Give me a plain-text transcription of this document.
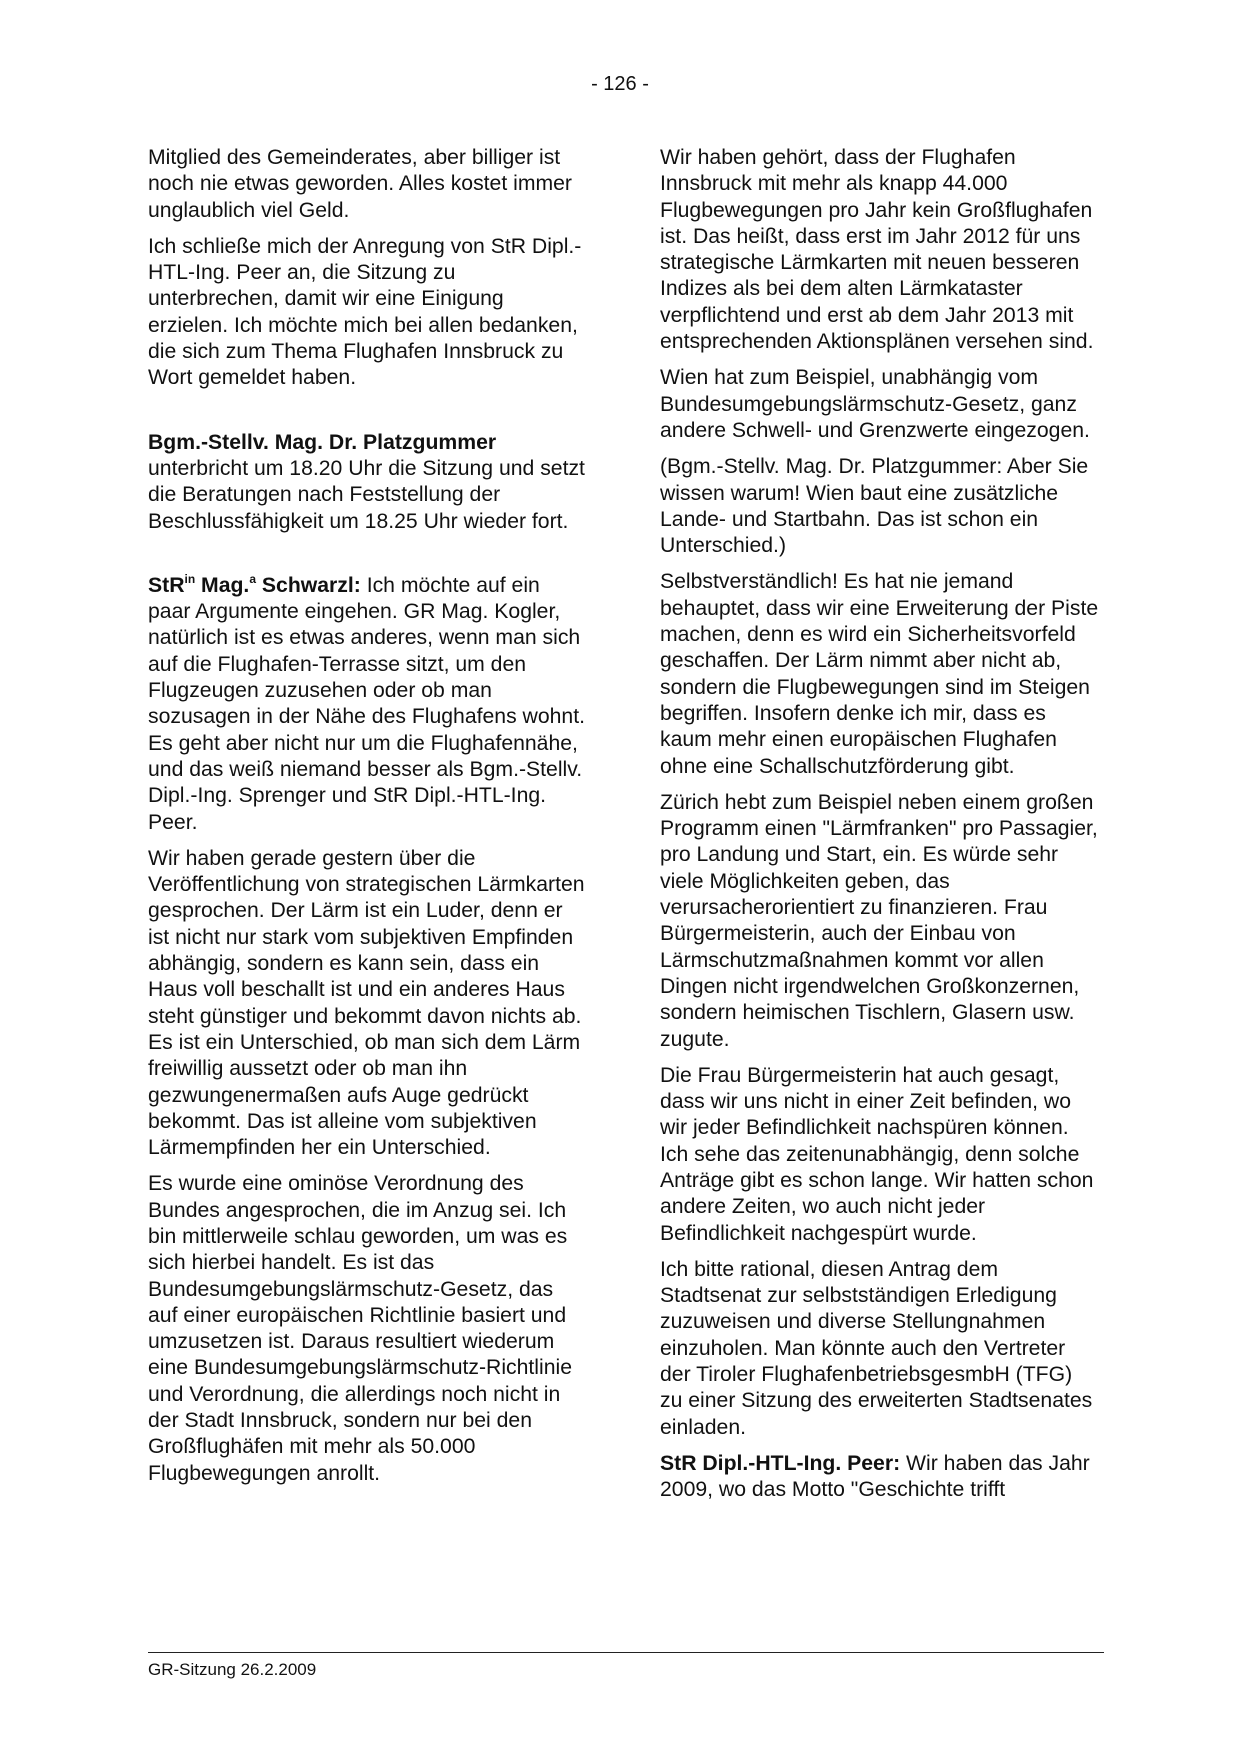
- 126 -

Mitglied des Gemeinderates, aber billiger ist noch nie etwas geworden. Alles kostet immer unglaublich viel Geld.

Ich schließe mich der Anregung von StR Dipl.-HTL-Ing. Peer an, die Sitzung zu unterbrechen, damit wir eine Einigung erzielen. Ich möchte mich bei allen bedanken, die sich zum Thema Flughafen Innsbruck zu Wort gemeldet haben.

Bgm.-Stellv. Mag. Dr. Platzgummer unterbricht um 18.20 Uhr die Sitzung und setzt die Beratungen nach Feststellung der Beschlussfähigkeit um 18.25 Uhr wieder fort.

StR$^{in}$ Mag.$^a$ Schwarzl: Ich möchte auf ein paar Argumente eingehen. GR Mag. Kogler, natürlich ist es etwas anderes, wenn man sich auf die Flughafen-Terrasse sitzt, um den Flugzeugen zuzusehen oder ob man sozusagen in der Nähe des Flughafens wohnt. Es geht aber nicht nur um die Flughafennähe, und das weiß niemand besser als Bgm.-Stellv. Dipl.-Ing. Sprenger und StR Dipl.-HTL-Ing. Peer.

Wir haben gerade gestern über die Veröffentlichung von strategischen Lärmkarten gesprochen. Der Lärm ist ein Luder, denn er ist nicht nur stark vom subjektiven Empfinden abhängig, sondern es kann sein, dass ein Haus voll beschallt ist und ein anderes Haus steht günstiger und bekommt davon nichts ab. Es ist ein Unterschied, ob man sich dem Lärm freiwillig aussetzt oder ob man ihn gezwungenermaßen aufs Auge gedrückt bekommt. Das ist alleine vom subjektiven Lärmempfinden her ein Unterschied.

Es wurde eine ominöse Verordnung des Bundes angesprochen, die im Anzug sei. Ich bin mittlerweile schlau geworden, um was es sich hierbei handelt. Es ist das Bundesumgebungslärmschutz-Gesetz, das auf einer europäischen Richtlinie basiert und umzusetzen ist. Daraus resultiert wiederum eine Bundesumgebungslärmschutz-Richtlinie und Verordnung, die allerdings noch nicht in der Stadt Innsbruck, sondern nur bei den Großflughäfen mit mehr als 50.000 Flugbewegungen anrollt.

Wir haben gehört, dass der Flughafen Innsbruck mit mehr als knapp 44.000 Flugbewegungen pro Jahr kein Großflughafen ist. Das heißt, dass erst im Jahr 2012 für uns strategische Lärmkarten mit neuen besseren Indizes als bei dem alten Lärmkataster verpflichtend und erst ab dem Jahr 2013 mit entsprechenden Aktionsplänen versehen sind.

Wien hat zum Beispiel, unabhängig vom Bundesumgebungslärmschutz-Gesetz, ganz andere Schwell- und Grenzwerte eingezogen.

(Bgm.-Stellv. Mag. Dr. Platzgummer: Aber Sie wissen warum! Wien baut eine zusätzliche Lande- und Startbahn. Das ist schon ein Unterschied.)

Selbstverständlich! Es hat nie jemand behauptet, dass wir eine Erweiterung der Piste machen, denn es wird ein Sicherheitsvorfeld geschaffen. Der Lärm nimmt aber nicht ab, sondern die Flugbewegungen sind im Steigen begriffen. Insofern denke ich mir, dass es kaum mehr einen europäischen Flughafen ohne eine Schallschutzförderung gibt.

Zürich hebt zum Beispiel neben einem großen Programm einen "Lärmfranken" pro Passagier, pro Landung und Start, ein. Es würde sehr viele Möglichkeiten geben, das verursacherorientiert zu finanzieren. Frau Bürgermeisterin, auch der Einbau von Lärmschutzmaßnahmen kommt vor allen Dingen nicht irgendwelchen Großkonzernen, sondern heimischen Tischlern, Glasern usw. zugute.

Die Frau Bürgermeisterin hat auch gesagt, dass wir uns nicht in einer Zeit befinden, wo wir jeder Befindlichkeit nachspüren können. Ich sehe das zeitenunabhängig, denn solche Anträge gibt es schon lange. Wir hatten schon andere Zeiten, wo auch nicht jeder Befindlichkeit nachgespürt wurde.

Ich bitte rational, diesen Antrag dem Stadtsenat zur selbstständigen Erledigung zuzuweisen und diverse Stellungnahmen einzuholen. Man könnte auch den Vertreter der Tiroler FlughafenbetriebsgesmbH (TFG) zu einer Sitzung des erweiterten Stadtsenates einladen.

StR Dipl.-HTL-Ing. Peer: Wir haben das Jahr 2009, wo das Motto "Geschichte trifft

GR-Sitzung 26.2.2009
